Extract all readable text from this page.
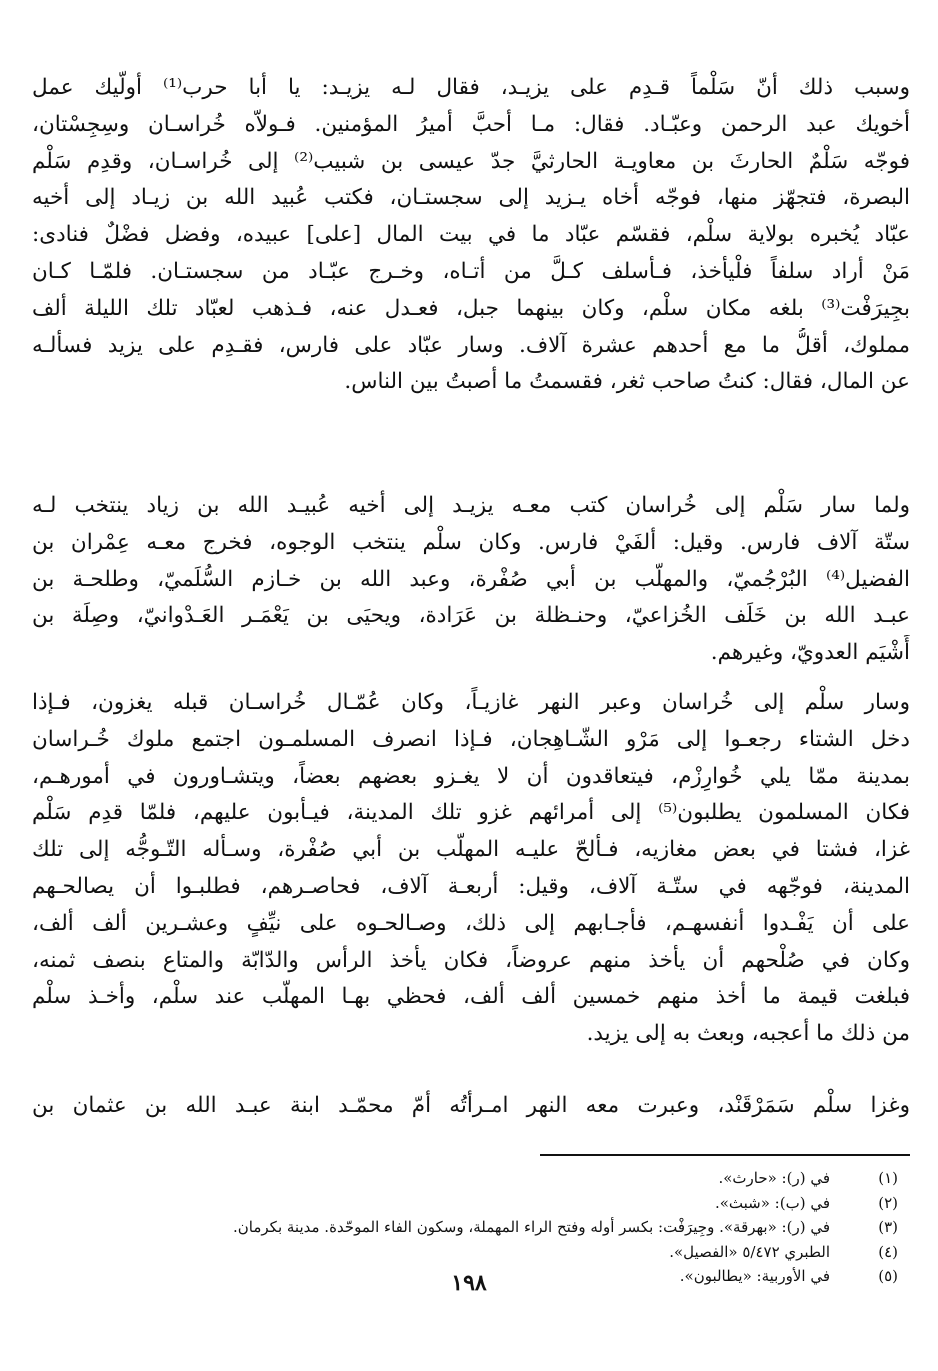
وسبب ذلك أنّ سَلْماً قـدِم على يزيـد، فقال لـه يزيـد: يا أبا حرب⁽¹⁾ أولّيك عمل
أخويك عبد الرحمن وعبّـاد. فقال: مـا أحبَّ أميرُ المؤمنين. فـولاّه خُراسـان وسِجِسْتان،
فوجّه سَلْمٌ الحارثَ بن معاويـة الحارثيَّ جدّ عيسى بن شبيب⁽²⁾ إلى خُراسـان، وقدِم سَلْم
البصرة، فتجهّز منها، فوجّه أخاه يـزيد إلى سجستـان، فكتب عُبيد الله بن زيـاد إلى أخيه
عبّاد يُخبره بولاية سلْم، فقسّم عبّاد ما في بيت المال [على] عبيده، وفضل فضْلٌ فنادى:
مَنْ أراد سلفاً فلْيأخذ، فـأسلف كـلَّ من أتـاه، وخـرج عبّـاد من سجستـان. فلمّـا كـان
بجِيرَفْت⁽³⁾ بلغه مكان سلْم، وكان بينهما جبل، فعـدل عنه، فـذهب لعبّاد تلك الليلة ألف
مملوك، أقلُّ ما مع أحدهم عشرة آلاف. وسار عبّاد على فارس، فقـدِم على يزيد فسألـه
عن المال، فقال: كنتُ صاحب ثغر، فقسمتُ ما أصبتُ بين الناس.
ولما سار سَلْم إلى خُراسان كتب معـه يزيـد إلى أخيه عُبيـد الله بن زياد ينتخب لـه
ستّة آلاف فارس. وقيل: ألفَيْ فارس. وكان سلْم ينتخب الوجوه، فخرج معـه عِمْران بن
الفضيل⁽⁴⁾ البُرْجُميّ، والمهلّب بن أبي صُفْرة، وعبد الله بن خـازم السُّلَميّ، وطلحـة بن
عبـد الله بن خَلَف الخُزاعيّ، وحنـظلة بن عَرَادة، ويحيَى بن يَعْمَـر العَـدْوانيّ، وصِلَة بن
أَشْيَم العدويّ، وغيرهم.
وسار سلْم إلى خُراسان وعبر النهر غازيـاً، وكان عُمّـال خُراسـان قبله يغزون، فـإذا
دخل الشتاء رجعـوا إلى مَرْو الشّـاهِجان، فـإذا انصرف المسلمـون اجتمع ملوك خُـراسان
بمدينة ممّا يلي خُوارِزْم، فيتعاقدون أن لا يغـزو بعضهم بعضاً، ويتشـاورون في أمورهـم،
فكان المسلمون يطلبون⁽⁵⁾ إلى أمرائهم غزو تلك المدينة، فيـأبون عليهم، فلمّا قدِم سَلْم
غزا، فشتا في بعض مغازيه، فـألحّ عليـه المهلّب بن أبي صُفْرة، وسـأله التّـوجُّه إلى تلك
المدينة، فوجّهه في ستّـة آلاف، وقيل: أربعـة آلاف، فحاصـرهم، فطلبـوا أن يصالحـهم
على أن يَفْـدوا أنفسهـم، فأجـابهم إلى ذلك، وصـالحـوه على نيِّفٍ وعشـرين ألف ألف،
وكان في صُلْحهم أن يأخذ منهم عروضاً، فكان يأخذ الرأس والدّابّة والمتاع بنصف ثمنه،
فبلغت قيمة ما أخذ منهم خمسين ألف ألف، فحظي بهـا المهلّب عند سلْم، وأخـذ سلْم
من ذلك ما أعجبه، وبعث به إلى يزيد.
وغزا سلْم سَمَرْقَنْد، وعبرت معه النهر امـرأتُه أمّ محمّـد ابنة عبـد الله بن عثمان بن
(١)
في (ر): «حارث».
(٢)
في (ب): «شبث».
(٣)
في (ر): «بهرقة». وجِيرَفْت: بكسر أوله وفتح الراء المهملة، وسكون الفاء الموحّدة. مدينة بكرمان.
(٤)
الطبري ٥/٤٧٢ «الفصيل».
(٥)
في الأوربية: «يطالبون».
١٩٨
